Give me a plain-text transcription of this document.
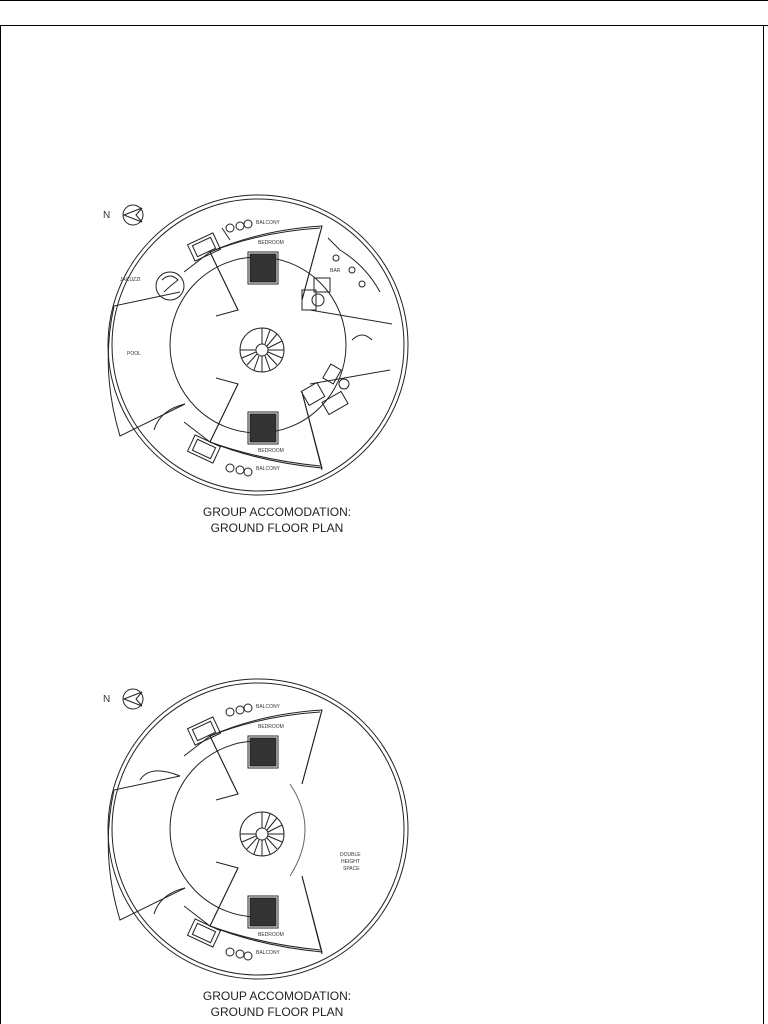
N
BALCONY
BEDROOM
BAR
JACUZZI
POOL
BEDROOM
BALCONY
GROUP ACCOMODATION:
GROUND FLOOR PLAN
N
BALCONY
BEDROOM
DOUBLE
HEIGHT
SPACE
BEDROOM
BALCONY
GROUP ACCOMODATION:
GROUND FLOOR PLAN
